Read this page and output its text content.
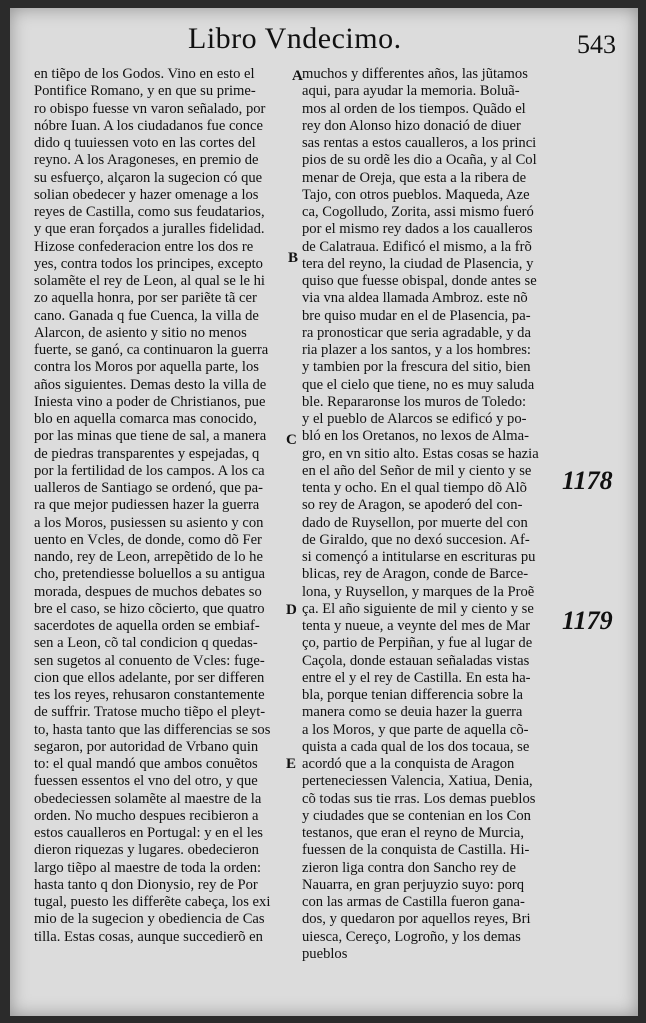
Libro Vndecimo.	543
en tiẽpo de los Godos. Vino en esto el
Pontifice Romano, y en que su prime-
ro obispo fuesse vn varon señalado, por
nóbre Iuan. A los ciudadanos fue conce
dido q tuuiessen voto en las cortes del
reyno. A los Aragoneses, en premio de
su esfuerço, alçaron la sugecion có que
solian obedecer y hazer omenage a los
reyes de Castilla, como sus feudatarios,
y que eran forçados a juralles fidelidad.
Hizose confederacion entre los dos re
yes, contra todos los principes, excepto
solamẽte el rey de Leon, al qual se le hi
zo aquella honra, por ser pariẽte tã cer
cano. Ganada q fue Cuenca, la villa de
Alarcon, de asiento y sitio no menos
fuerte, se ganó, ca continuaron la guerra
contra los Moros por aquella parte, los
años siguientes. Demas desto la villa de
Iniesta vino a poder de Christianos, pue
blo en aquella comarca mas conocido,
por las minas que tiene de sal, a manera
de piedras transparentes y espejadas, q
por la fertilidad de los campos. A los ca
ualleros de Santiago se ordenó, que pa-
ra que mejor pudiessen hazer la guerra
a los Moros, pusiessen su asiento y con
uento en Vcles, de donde, como dõ Fer
nando, rey de Leon, arrepẽtido de lo he
cho, pretendiesse boluellos a su antigua
morada, despues de muchos debates so
bre el caso, se hizo cõcierto, que quatro
sacerdotes de aquella orden se embiaf-
sen a Leon, cõ tal condicion q quedas-
sen sugetos al conuento de Vcles: fuge-
cion que ellos adelante, por ser differen
tes los reyes, rehusaron constantemente
de suffrir. Tratose mucho tiẽpo el pleyt-
to, hasta tanto que las differencias se sos
segaron, por autoridad de Vrbano quin
to: el qual mandó que ambos conuẽtos
fuessen essentos el vno del otro, y que
obedeciessen solamẽte al maestre de la
orden. No mucho despues recibieron a
estos caualleros en Portugal: y en el les
dieron riquezas y lugares. obedecieron
largo tiẽpo al maestre de toda la orden:
hasta tanto q don Dionysio, rey de Por
tugal, puesto les differẽte cabeça, los exi
mio de la sugecion y obediencia de Cas
tilla. Estas cosas, aunque succedierõ en
muchos y differentes años, las jũtamos
aqui, para ayudar la memoria. Boluã-
mos al orden de los tiempos. Quãdo el
rey don Alonso hizo donació de diuer
sas rentas a estos caualleros, a los princi
pios de su ordẽ les dio a Ocaña, y al Col
menar de Oreja, que esta a la ribera de
Tajo, con otros pueblos. Maqueda, Aze
ca, Cogolludo, Zorita, assi mismo fueró
por el mismo rey dados a los caualleros
de Calatraua. Edificó el mismo, a la frõ
tera del reyno, la ciudad de Plasencia, y
quiso que fuesse obispal, donde antes se
via vna aldea llamada Ambroz. este nõ
bre quiso mudar en el de Plasencia, pa-
ra pronosticar que seria agradable, y da
ria plazer a los santos, y a los hombres:
y tambien por la frescura del sitio, bien
que el cielo que tiene, no es muy saluda
ble. Repararonse los muros de Toledo:
y el pueblo de Alarcos se edificó y po-
bló en los Oretanos, no lexos de Alma-
gro, en vn sitio alto. Estas cosas se hazia
en el año del Señor de mil y ciento y se
tenta y ocho. En el qual tiempo dõ Alõ
so rey de Aragon, se apoderó del con-
dado de Ruysellon, por muerte del con
de Giraldo, que no dexó succesion. Af-
si començó a intitularse en escrituras pu
blicas, rey de Aragon, conde de Barce-
lona, y Ruysellon, y marques de la Proẽ
ça. El año siguiente de mil y ciento y se
tenta y nueue, a veynte del mes de Mar
ço, partio de Perpiñan, y fue al lugar de
Caçola, donde estauan señaladas vistas
entre el y el rey de Castilla. En esta ha-
bla, porque tenian differencia sobre la
manera como se deuia hazer la guerra
a los Moros, y que parte de aquella cõ-
quista a cada qual de los dos tocaua, se
acordó que a la conquista de Aragon
perteneciessen Valencia, Xatiua, Denia,
cõ todas sus tie rras. Los demas pueblos
y ciudades que se contenian en los Con
testanos, que eran el reyno de Murcia,
fuessen de la conquista de Castilla. Hi-
zieron liga contra don Sancho rey de
Nauarra, en gran perjuyzio suyo: porq
con las armas de Castilla fueron gana-
dos, y quedaron por aquellos reyes, Bri
uiesca, Cereço, Logroño, y los demas
pueblos
A
B
C
D
E
1178
1179
